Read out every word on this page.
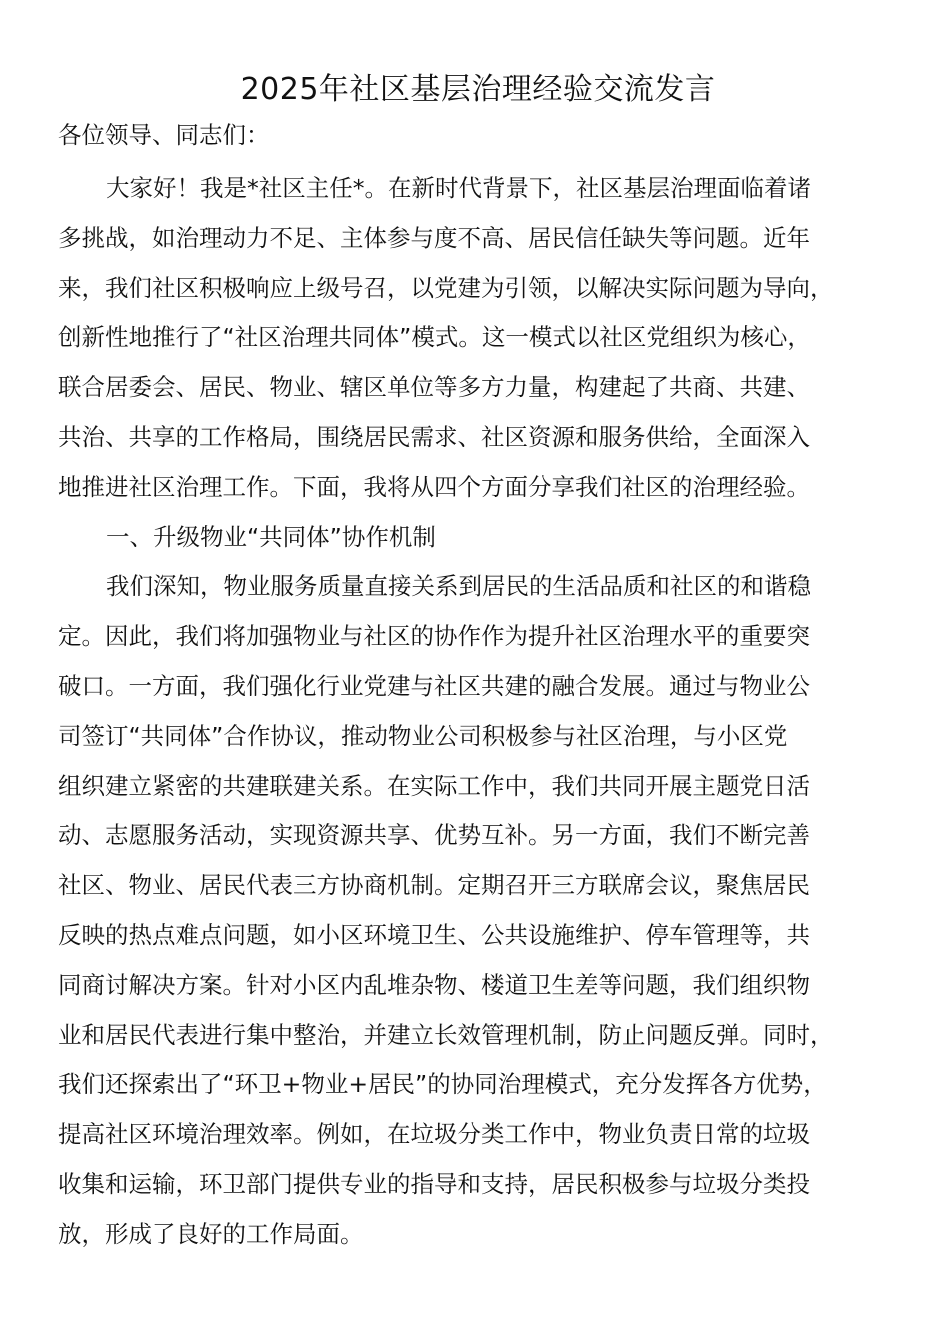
2025年社区基层治理经验交流发言
各位领导、同志们：
大家好！我是*社区主任*。在新时代背景下，社区基层治理面临着诸
多挑战，如治理动力不足、主体参与度不高、居民信任缺失等问题。近年
来，我们社区积极响应上级号召，以党建为引领，以解决实际问题为导向，
创新性地推行了“社区治理共同体”模式。这一模式以社区党组织为核心，
联合居委会、居民、物业、辖区单位等多方力量，构建起了共商、共建、
共治、共享的工作格局，围绕居民需求、社区资源和服务供给，全面深入
地推进社区治理工作。下面，我将从四个方面分享我们社区的治理经验。
一、升级物业“共同体”协作机制
我们深知，物业服务质量直接关系到居民的生活品质和社区的和谐稳
定。因此，我们将加强物业与社区的协作作为提升社区治理水平的重要突
破口。一方面，我们强化行业党建与社区共建的融合发展。通过与物业公
司签订“共同体”合作协议，推动物业公司积极参与社区治理，与小区党
组织建立紧密的共建联建关系。在实际工作中，我们共同开展主题党日活
动、志愿服务活动，实现资源共享、优势互补。另一方面，我们不断完善
社区、物业、居民代表三方协商机制。定期召开三方联席会议，聚焦居民
反映的热点难点问题，如小区环境卫生、公共设施维护、停车管理等，共
同商讨解决方案。针对小区内乱堆杂物、楼道卫生差等问题，我们组织物
业和居民代表进行集中整治，并建立长效管理机制，防止问题反弹。同时，
我们还探索出了“环卫+物业+居民”的协同治理模式，充分发挥各方优势，
提高社区环境治理效率。例如，在垃圾分类工作中，物业负责日常的垃圾
收集和运输，环卫部门提供专业的指导和支持，居民积极参与垃圾分类投
放，形成了良好的工作局面。
